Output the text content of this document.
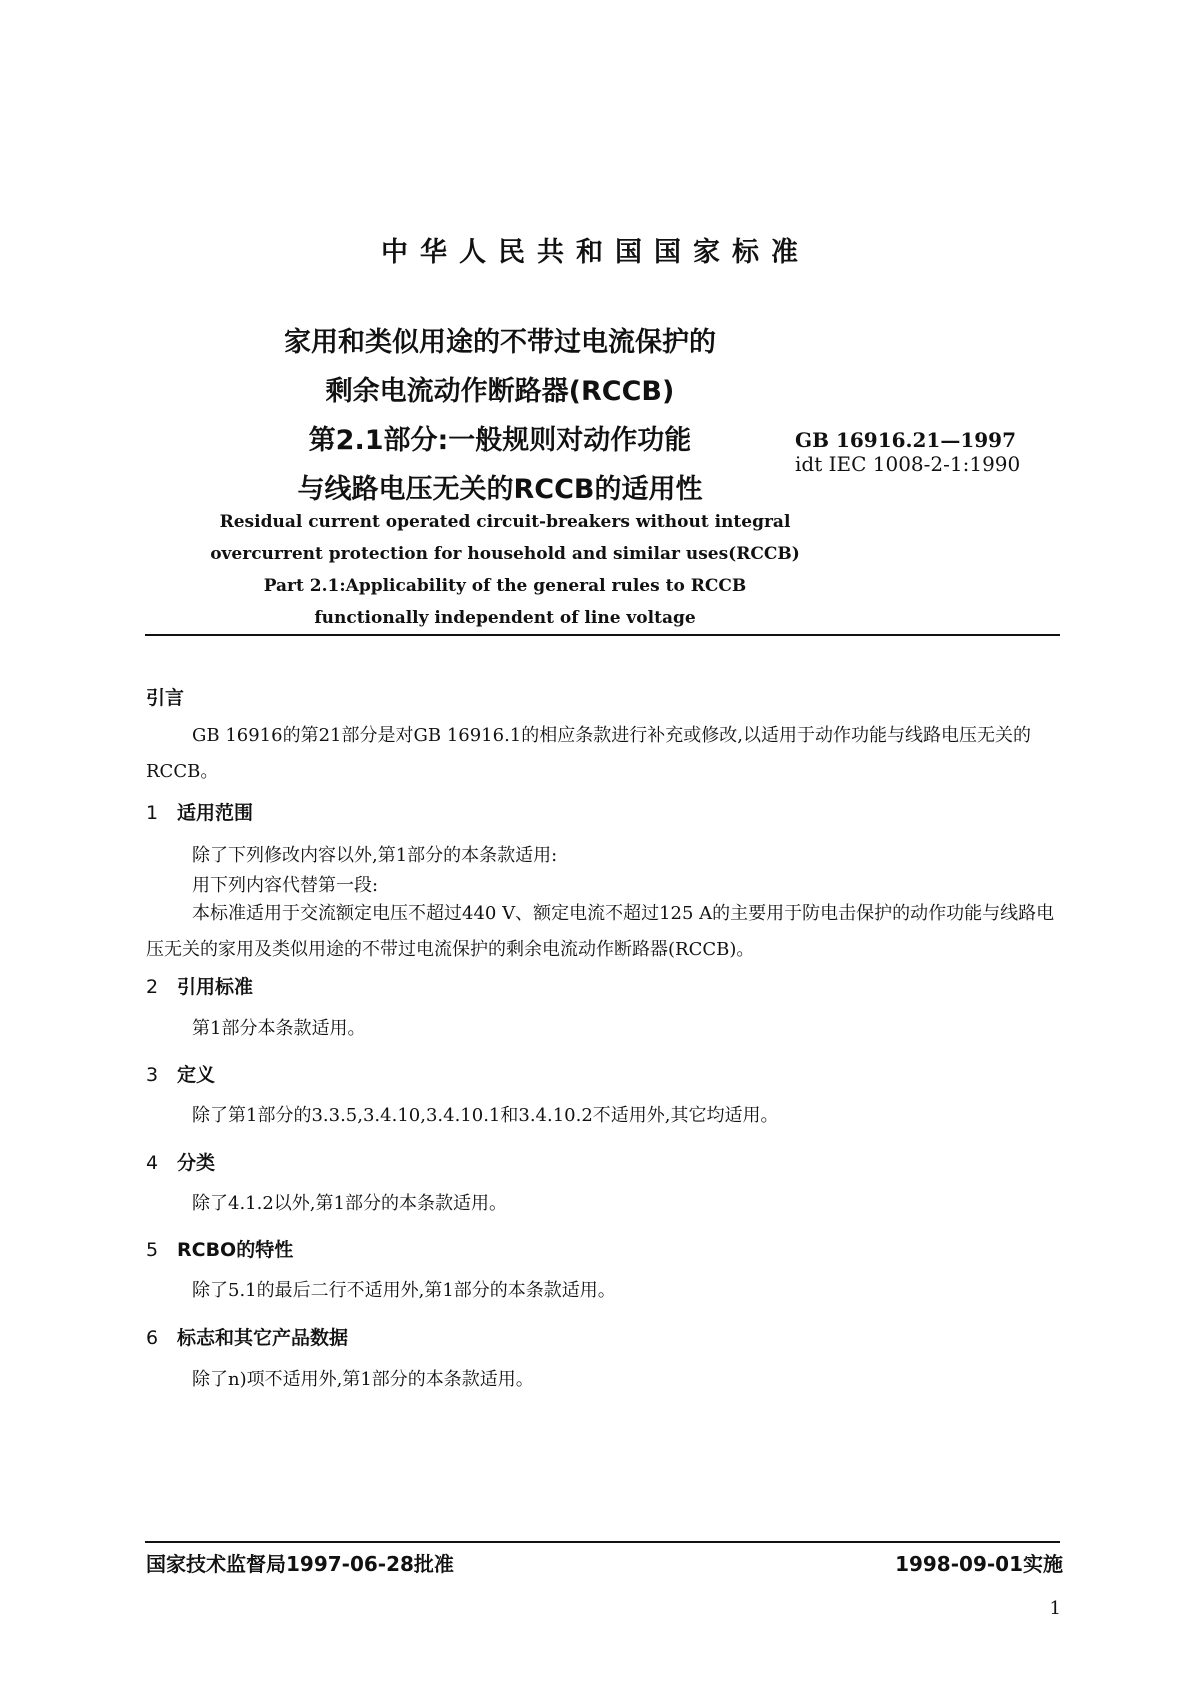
中华人民共和国国家标准
家用和类似用途的不带过电流保护的
剩余电流动作断路器(RCCB)
第2.1部分:一般规则对动作功能
与线路电压无关的RCCB的适用性
GB 16916.21—1997
idt IEC 1008-2-1:1990
Residual current operated circuit-breakers without integral
overcurrent protection for household and similar uses(RCCB)
Part 2.1:Applicability of the general rules to RCCB
functionally independent of line voltage
引言
GB 16916的第21部分是对GB 16916.1的相应条款进行补充或修改,以适用于动作功能与线路电压无关的RCCB。
1 适用范围
除了下列修改内容以外,第1部分的本条款适用:
用下列内容代替第一段:
本标准适用于交流额定电压不超过440 V、额定电流不超过125 A的主要用于防电击保护的动作功能与线路电压无关的家用及类似用途的不带过电流保护的剩余电流动作断路器(RCCB)。
2 引用标准
第1部分本条款适用。
3 定义
除了第1部分的3.3.5,3.4.10,3.4.10.1和3.4.10.2不适用外,其它均适用。
4 分类
除了4.1.2以外,第1部分的本条款适用。
5 RCBO的特性
除了5.1的最后二行不适用外,第1部分的本条款适用。
6 标志和其它产品数据
除了n)项不适用外,第1部分的本条款适用。
国家技术监督局1997-06-28批准	1998-09-01实施
1
